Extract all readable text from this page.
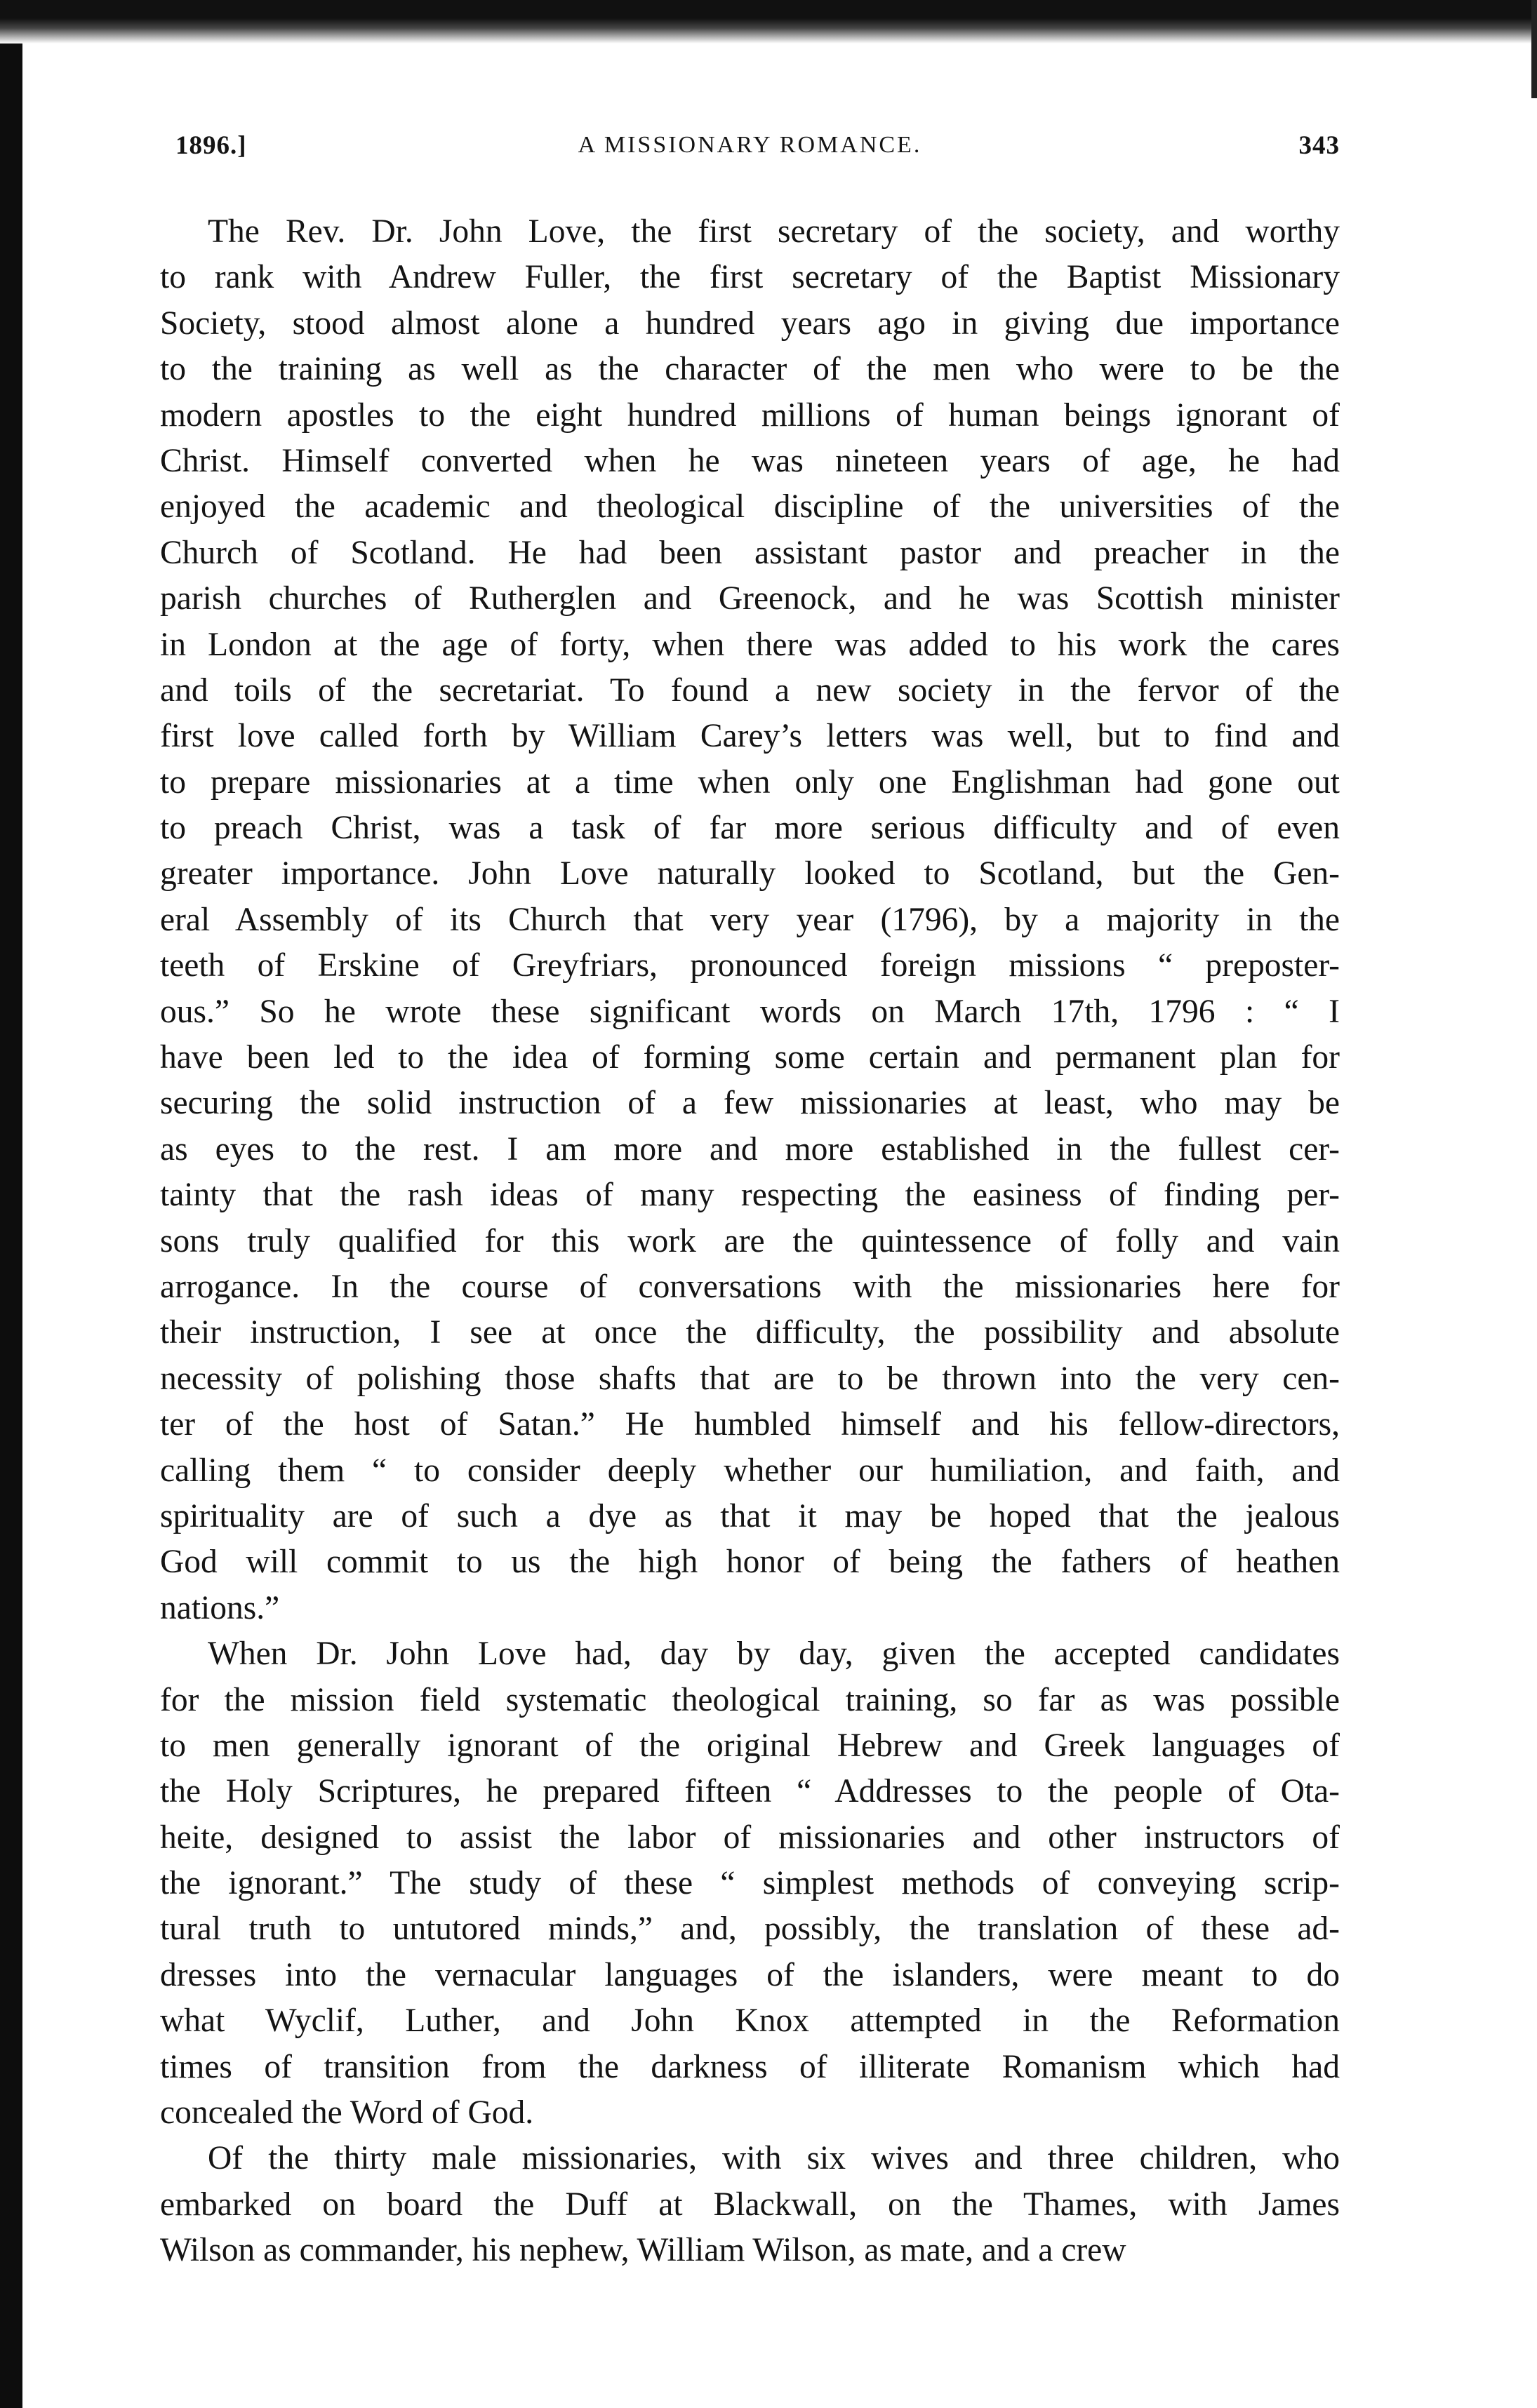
1896.]	A MISSIONARY ROMANCE.	343
The Rev. Dr. John Love, the first secretary of the society, and worthy
to rank with Andrew Fuller, the first secretary of the Baptist Missionary
Society, stood almost alone a hundred years ago in giving due importance
to the training as well as the character of the men who were to be the
modern apostles to the eight hundred millions of human beings ignorant of
Christ. Himself converted when he was nineteen years of age, he had
enjoyed the academic and theological discipline of the universities of the
Church of Scotland. He had been assistant pastor and preacher in the
parish churches of Rutherglen and Greenock, and he was Scottish minister
in London at the age of forty, when there was added to his work the cares
and toils of the secretariat. To found a new society in the fervor of the
first love called forth by William Carey’s letters was well, but to find and
to prepare missionaries at a time when only one Englishman had gone out
to preach Christ, was a task of far more serious difficulty and of even
greater importance. John Love naturally looked to Scotland, but the Gen-
eral Assembly of its Church that very year (1796), by a majority in the
teeth of Erskine of Greyfriars, pronounced foreign missions “ preposter-
ous.” So he wrote these significant words on March 17th, 1796 : “ I
have been led to the idea of forming some certain and permanent plan for
securing the solid instruction of a few missionaries at least, who may be
as eyes to the rest. I am more and more established in the fullest cer-
tainty that the rash ideas of many respecting the easiness of finding per-
sons truly qualified for this work are the quintessence of folly and vain
arrogance. In the course of conversations with the missionaries here for
their instruction, I see at once the difficulty, the possibility and absolute
necessity of polishing those shafts that are to be thrown into the very cen-
ter of the host of Satan.” He humbled himself and his fellow-directors,
calling them “ to consider deeply whether our humiliation, and faith, and
spirituality are of such a dye as that it may be hoped that the jealous
God will commit to us the high honor of being the fathers of heathen
nations.”
When Dr. John Love had, day by day, given the accepted candidates
for the mission field systematic theological training, so far as was possible
to men generally ignorant of the original Hebrew and Greek languages of
the Holy Scriptures, he prepared fifteen “ Addresses to the people of Ota-
heite, designed to assist the labor of missionaries and other instructors of
the ignorant.” The study of these “ simplest methods of conveying scrip-
tural truth to untutored minds,” and, possibly, the translation of these ad-
dresses into the vernacular languages of the islanders, were meant to do
what Wyclif, Luther, and John Knox attempted in the Reformation
times of transition from the darkness of illiterate Romanism which had
concealed the Word of God.
Of the thirty male missionaries, with six wives and three children, who
embarked on board the Duff at Blackwall, on the Thames, with James
Wilson as commander, his nephew, William Wilson, as mate, and a crew
